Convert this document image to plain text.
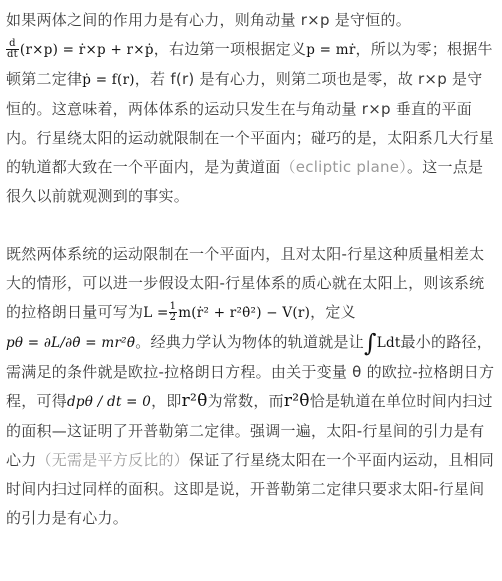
如果两体之间的作用力是有心力，则角动量 r×p 是守恒的。

$\frac{d}{dt} (r\times p)$ = ṙ×p + r×ṗ，右边第一项根据定义p = mṙ，所以为零；根据牛顿第二定律ṗ = f(r)，若 f(r) 是有心力，则第二项也是零，故 r×p 是守恒的。这意味着，两体体系的运动只发生在与角动量 r×p 垂直的平面内。行星绕太阳的运动就限制在一个平面内；碰巧的是，太阳系几大行星的轨道都大致在一个平面内，是为黄道面（ecliptic plane）。这一点是很久以前就观测到的事实。

既然两体系统的运动限制在一个平面内，且对太阳-行星这种质量相差太大的情形，可以进一步假设太阳-行星体系的质心就在太阳上，则该系统的拉格朗日量可写为$L = \frac{1}{2}$ m(ṙ² + r²θ̇²) − V(r)，定义
pθ = ∂L/∂θ̇ = mr²θ̇。经典力学认为物体的轨道就是让∫Ldt最小的路径，需满足的条件就是欧拉-拉格朗日方程。由关于变量 θ 的欧拉-拉格朗日方程，可得dpθ / dt = 0，即r²θ̇为常数，而r²θ̇恰是轨道在单位时间内扫过的面积—这证明了开普勒第二定律。强调一遍，太阳-行星间的引力是有心力（无需是平方反比的）保证了行星绕太阳在一个平面内运动，且相同时间内扫过同样的面积。这即是说，开普勒第二定律只要求太阳-行星间的引力是有心力。
